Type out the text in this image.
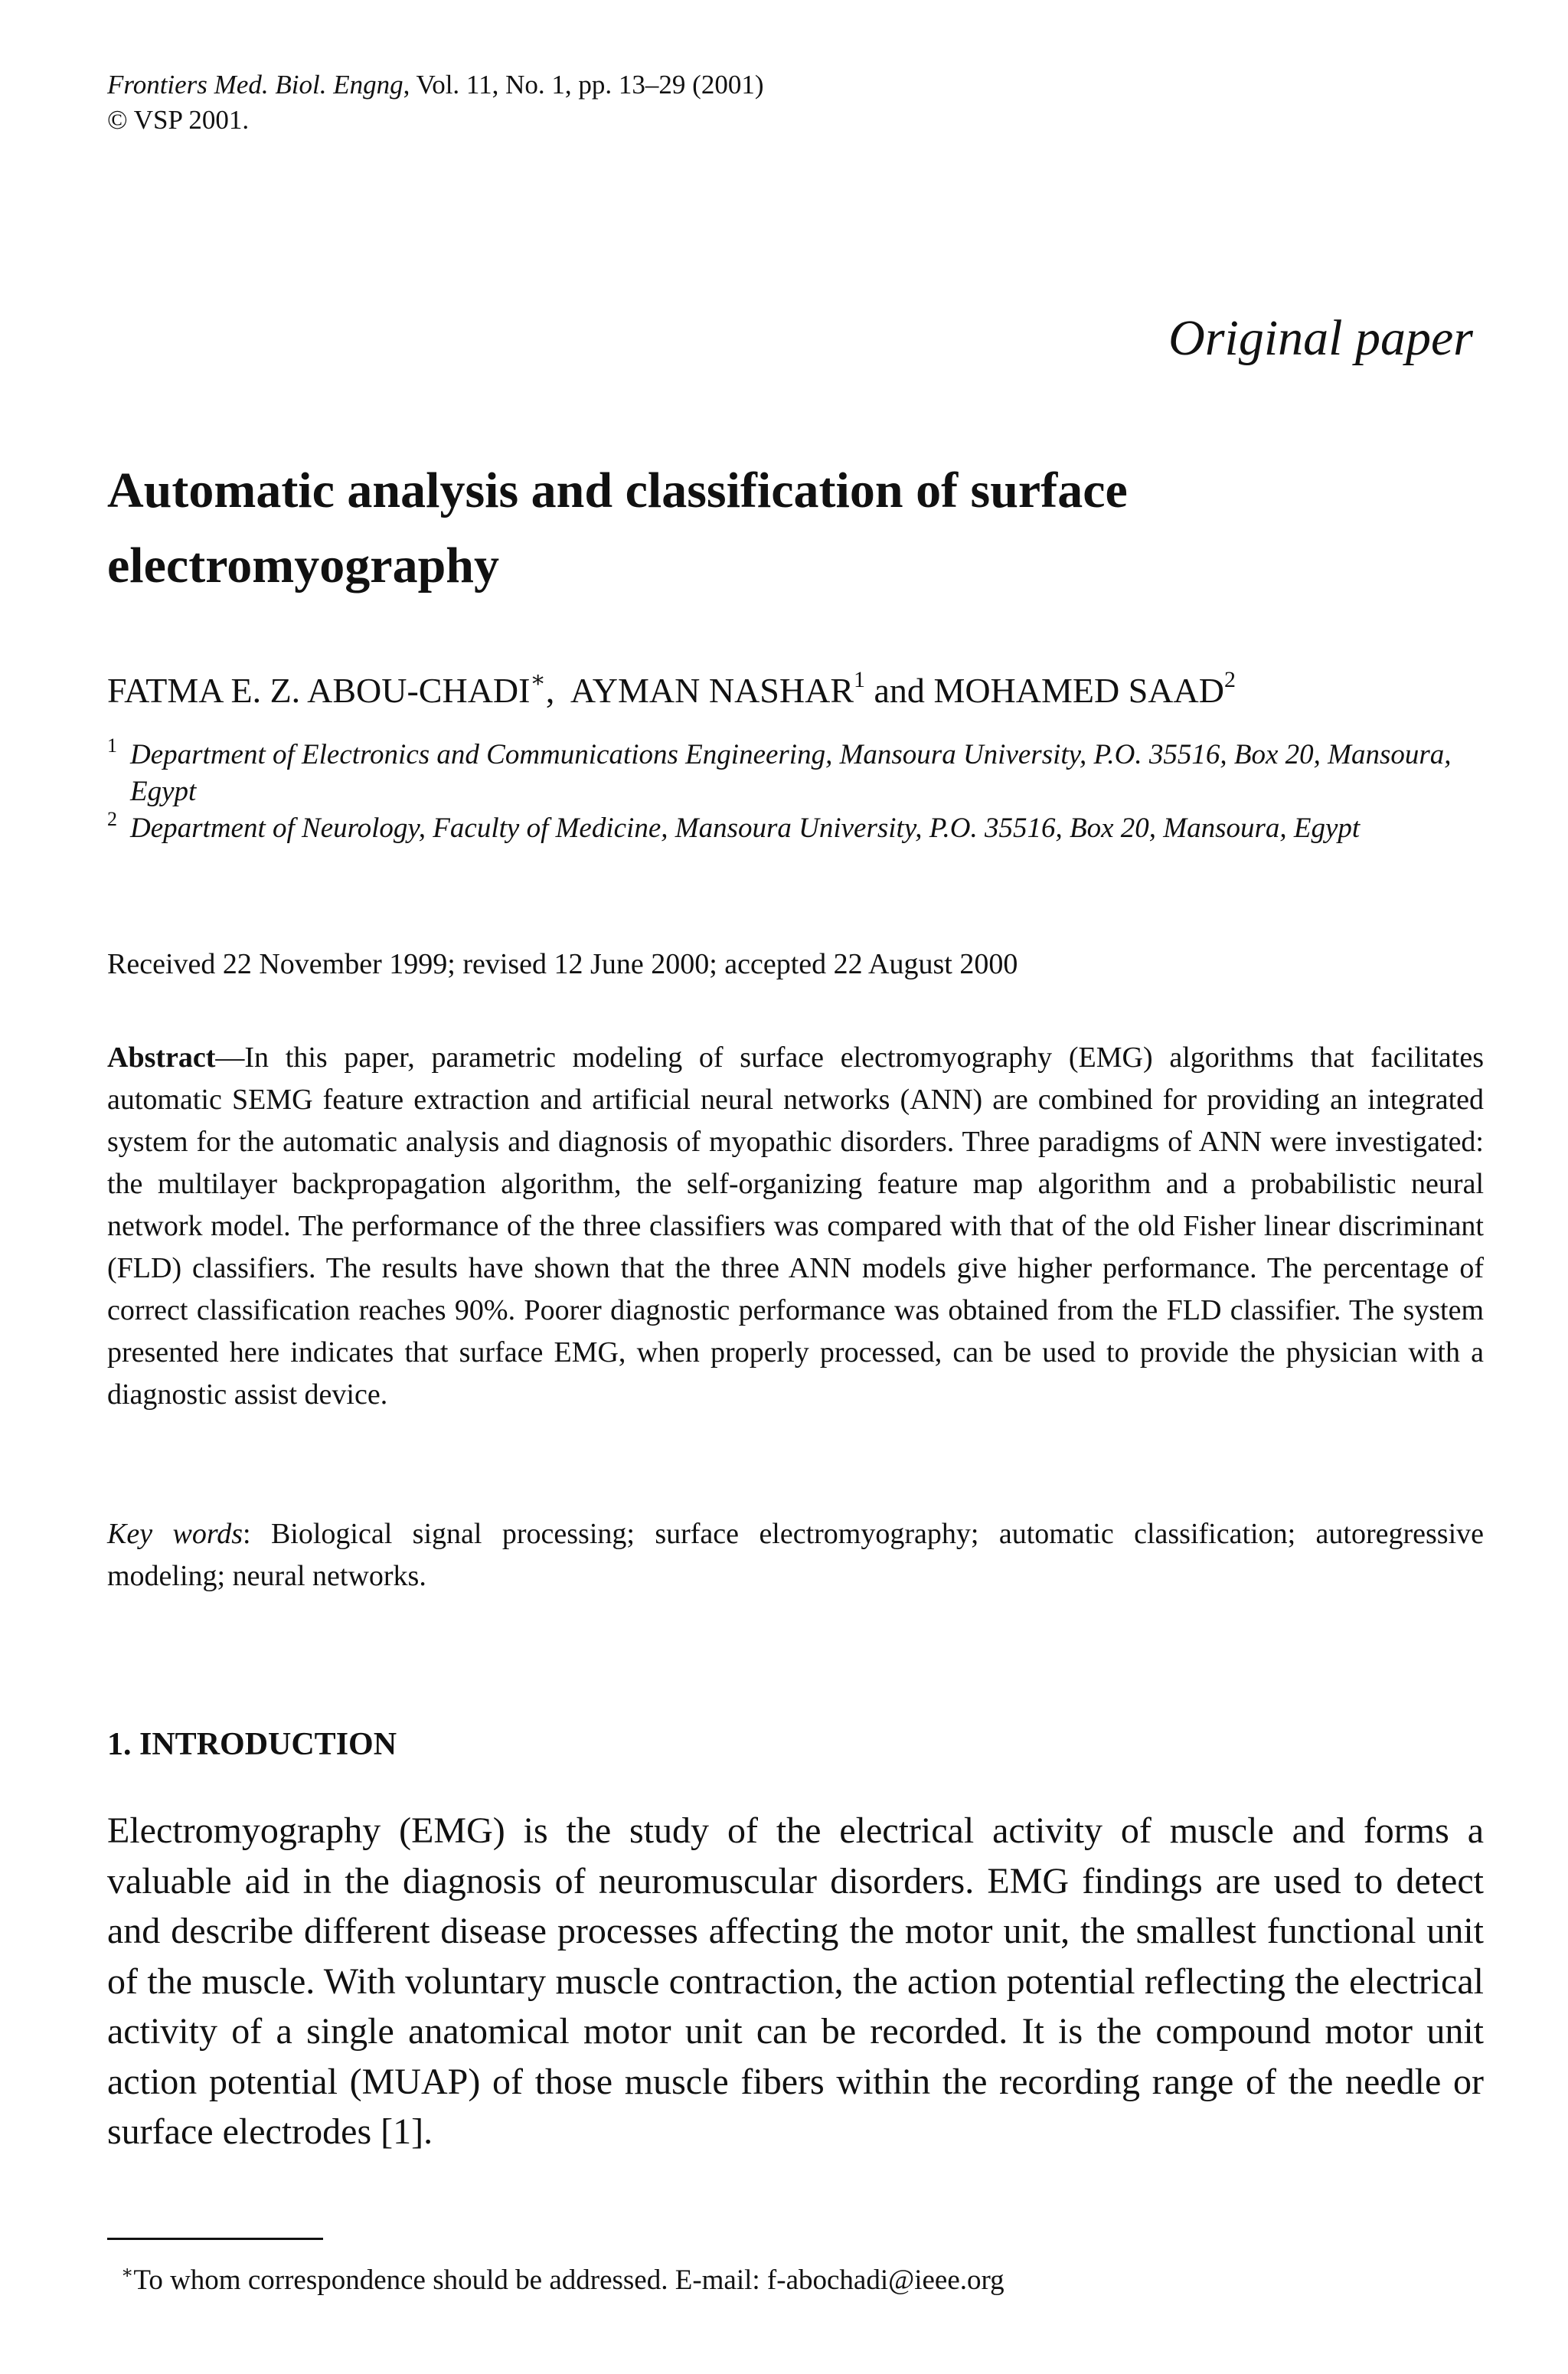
Frontiers Med. Biol. Engng, Vol. 11, No. 1, pp. 13–29 (2001)
© VSP 2001.
Original paper
Automatic analysis and classification of surface electromyography
FATMA E. Z. ABOU-CHADI∗,  AYMAN NASHAR$^1$ and MOHAMED SAAD$^2$
1 Department of Electronics and Communications Engineering, Mansoura University, P.O. 35516, Box 20, Mansoura, Egypt
2 Department of Neurology, Faculty of Medicine, Mansoura University, P.O. 35516, Box 20, Mansoura, Egypt
Received 22 November 1999; revised 12 June 2000; accepted 22 August 2000
Abstract—In this paper, parametric modeling of surface electromyography (EMG) algorithms that facilitates automatic SEMG feature extraction and artificial neural networks (ANN) are combined for providing an integrated system for the automatic analysis and diagnosis of myopathic disorders. Three paradigms of ANN were investigated: the multilayer backpropagation algorithm, the self-organizing feature map algorithm and a probabilistic neural network model. The performance of the three classifiers was compared with that of the old Fisher linear discriminant (FLD) classifiers. The results have shown that the three ANN models give higher performance. The percentage of correct classification reaches 90%. Poorer diagnostic performance was obtained from the FLD classifier. The system presented here indicates that surface EMG, when properly processed, can be used to provide the physician with a diagnostic assist device.
Key words: Biological signal processing; surface electromyography; automatic classification; autoregressive modeling; neural networks.
1. INTRODUCTION
Electromyography (EMG) is the study of the electrical activity of muscle and forms a valuable aid in the diagnosis of neuromuscular disorders. EMG findings are used to detect and describe different disease processes affecting the motor unit, the smallest functional unit of the muscle. With voluntary muscle contraction, the action potential reflecting the electrical activity of a single anatomical motor unit can be recorded. It is the compound motor unit action potential (MUAP) of those muscle fibers within the recording range of the needle or surface electrodes [1].
∗To whom correspondence should be addressed. E-mail: f-abochadi@ieee.org
